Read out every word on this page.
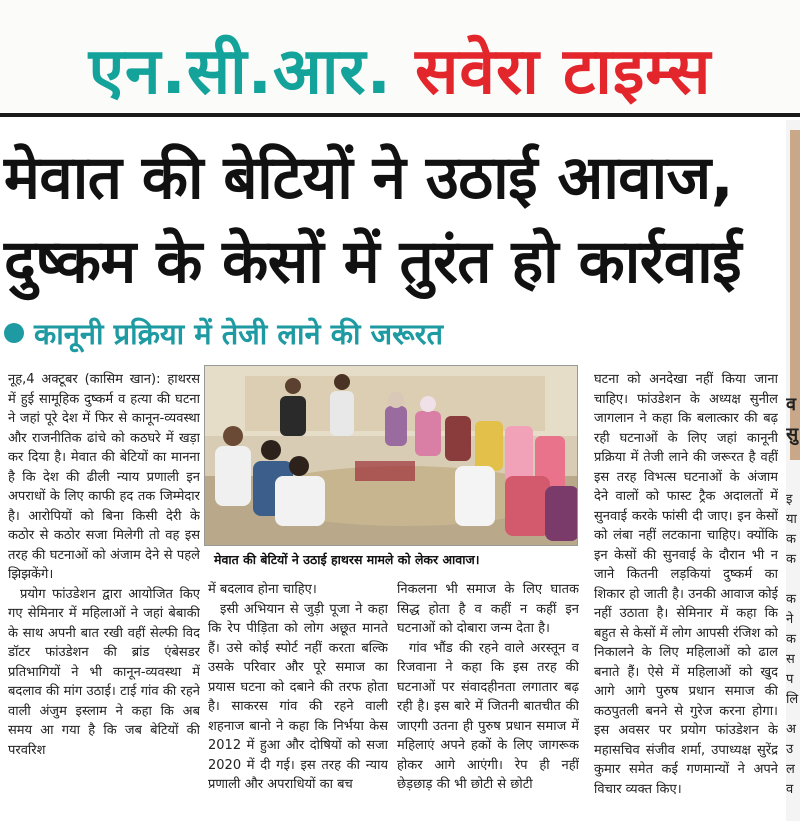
एन.सी.आर. सवेरा टाइम्स
मेवात की बेटियों ने उठाई आवाज,
दुष्कम के केसों में तुरंत हो कार्रवाई
कानूनी प्रक्रिया में तेजी लाने की जरूरत

नूह,4 अक्टूबर (कासिम खान): हाथरस में हुई सामूहिक दुष्कर्म व हत्या की घटना ने जहां पूरे देश में फिर से कानून-व्यवस्था और राजनीतिक ढांचे को कठघरे में खड़ा कर दिया है। मेवात की बेटियों का मानना है कि देश की ढीली न्याय प्रणाली इन अपराधों के लिए काफी हद तक जिम्मेदार है। आरोपियों को बिना किसी देरी के कठोर से कठोर सजा मिलेगी तो वह इस तरह की घटनाओं को अंजाम देने से पहले झिझकेंगे।

प्रयोग फांउडेशन द्वारा आयोजित किए गए सेमिनार में महिलाओं ने जहां बेबाकी के साथ अपनी बात रखी वहीं सेल्फी विद डॉटर फांउडेशन की ब्रांड एंबेसडर प्रतिभागियों ने भी कानून-व्यवस्था में बदलाव की मांग उठाई। टाई गांव की रहने वाली अंजुम इस्लाम ने कहा कि अब समय आ गया है कि जब बेटियों की परवरिश

मेवात की बेटियों ने उठाई हाथरस मामले को लेकर आवाज।

में बदलाव होना चाहिए।

इसी अभियान से जुड़ी पूजा ने कहा कि रेप पीड़िता को लोग अछूत मानते हैं। उसे कोई स्पोर्ट नहीं करता बल्कि उसके परिवार और पूरे समाज का प्रयास घटना को दबाने की तरफ होता है। साकरस गांव की रहने वाली शहनाज बानो ने कहा कि निर्भया केस 2012 में हुआ और दोषियों को सजा 2020 में दी गई। इस तरह की न्याय प्रणाली और अपराधियों का बच

निकलना भी समाज के लिए घातक सिद्ध होता है व कहीं न कहीं इन घटनाओं को दोबारा जन्म देता है।

गांव भौंड की रहने वाले अरस्तून व रिजवाना ने कहा कि इस तरह की घटनाओं पर संवादहीनता लगातार बढ़ रही है। इस बारे में जितनी बातचीत की जाएगी उतना ही पुरुष प्रधान समाज में महिलाएं अपने हकों के लिए जागरूक होकर आगे आएंगी। रेप ही नहीं छेड़छाड़ की भी छोटी से छोटी

घटना को अनदेखा नहीं किया जाना चाहिए। फांउडेशन के अध्यक्ष सुनील जागलान ने कहा कि बलात्कार की बढ़ रही घटनाओं के लिए जहां कानूनी प्रक्रिया में तेजी लाने की जरूरत है वहीं इस तरह विभत्स घटनाओं के अंजाम देने वालों को फास्ट ट्रैक अदालतों में सुनवाई करके फांसी दी जाए। इन केसों को लंबा नहीं लटकाना चाहिए। क्योंकि इन केसों की सुनवाई के दौरान भी न जाने कितनी लड़कियां दुष्कर्म का शिकार हो जाती है। उनकी आवाज कोई नहीं उठाता है। सेमिनार में कहा कि बहुत से केसों में लोग आपसी रंजिश को निकालने के लिए महिलाओं को ढाल बनाते हैं। ऐसे में महिलाओं को खुद आगे आगे पुरुष प्रधान समाज की कठपुतली बनने से गुरेज करना होगा। इस अवसर पर प्रयोग फांउडेशन के महासचिव संजीव शर्मा, उपाध्यक्ष सुरेंद्र कुमार समेत कई गणमान्यों ने अपने विचार व्यक्त किए।

व
सु
इ
या
क
क
क
ने
क
स
प
लि
अ
उ
ल
व
